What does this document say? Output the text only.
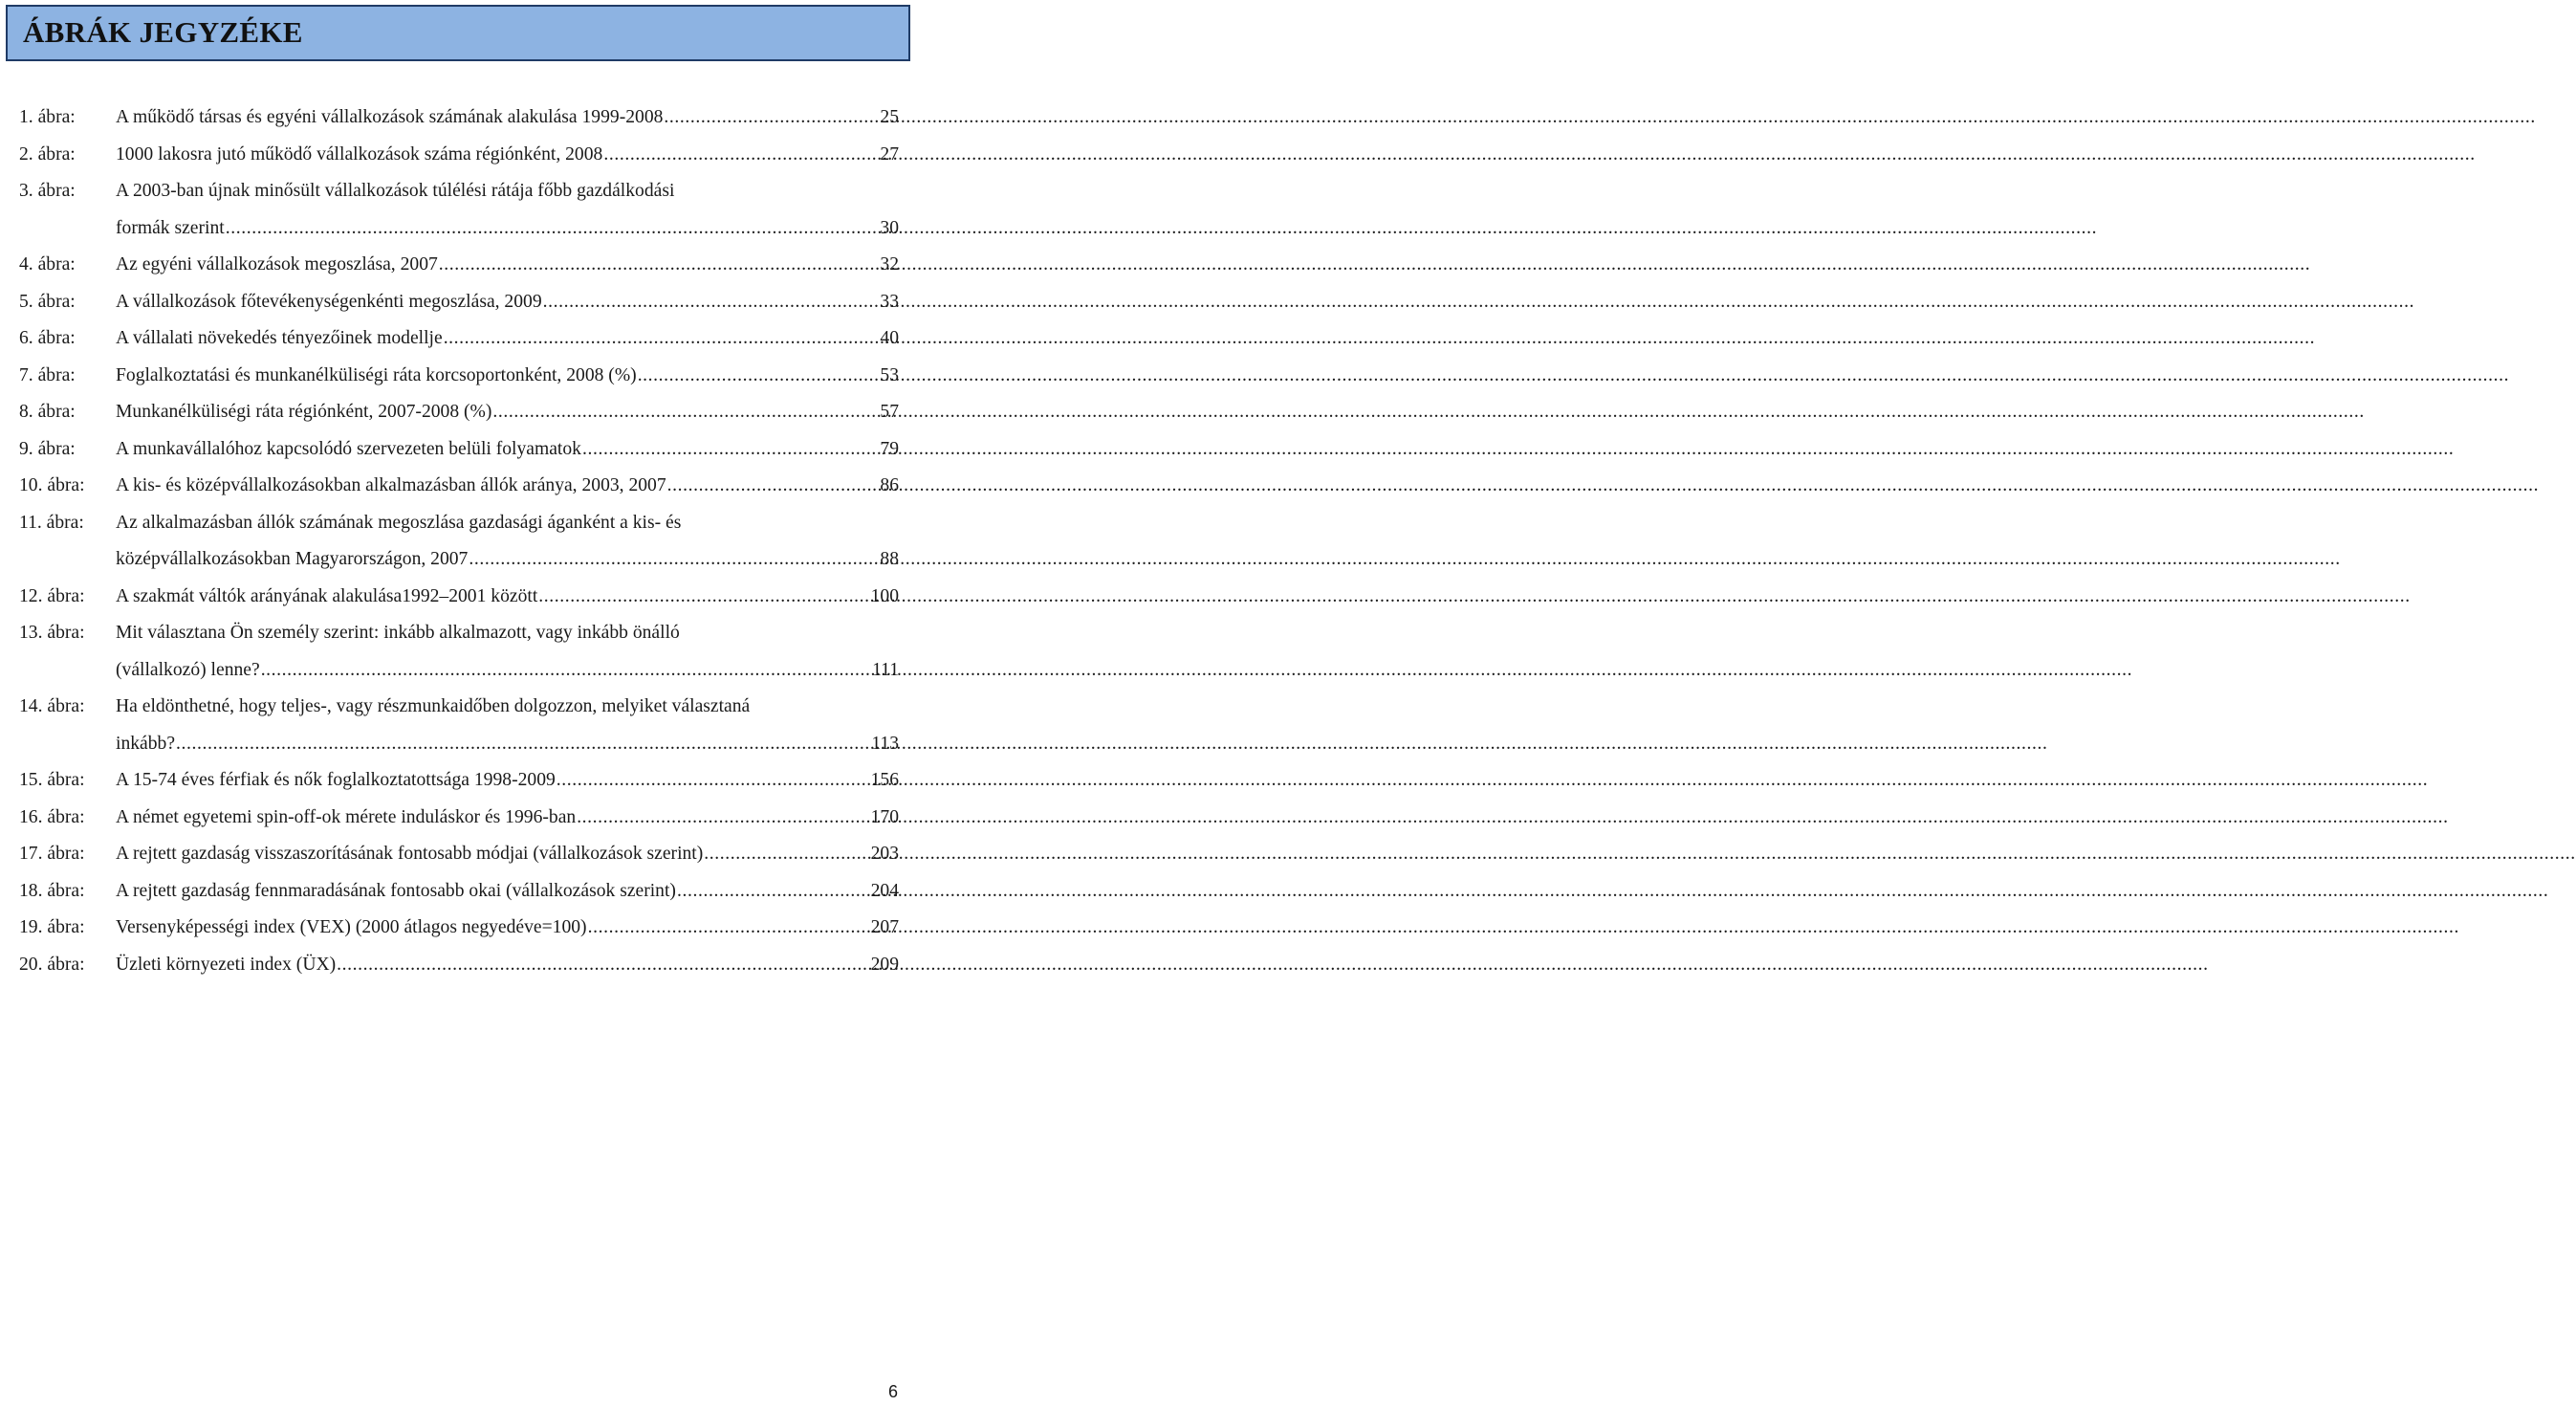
ÁBRÁK JEGYZÉKE
1. ábra:	A működő társas és egyéni vállalkozások számának alakulása 1999-2008 .....	25
2. ábra:	1000 lakosra jutó működő vállalkozások száma régiónként, 2008 .....	27
3. ábra:	A 2003-ban újnak minősült vállalkozások túlélési rátája főbb gazdálkodási
formák szerint .....	30
4. ábra:	Az egyéni vállalkozások megoszlása, 2007 .....	32
5. ábra:	A vállalkozások főtevékenységenkénti megoszlása, 2009 .....	33
6. ábra:	A vállalati növekedés tényezőinek modellje .....	40
7. ábra:	Foglalkoztatási és munkanélküliségi ráta korcsoportonként, 2008 (%) .....	53
8. ábra:	Munkanélküliségi ráta régiónként, 2007-2008 (%) .....	57
9. ábra:	A munkavállalóhoz kapcsolódó szervezeten belüli folyamatok .....	79
10. ábra:	A kis- és középvállalkozásokban alkalmazásban állók aránya, 2003, 2007 .....	86
11. ábra:	Az alkalmazásban állók számának megoszlása gazdasági áganként a kis- és
középvállalkozásokban Magyarországon, 2007 .....	88
12. ábra:	A szakmát váltók arányának alakulása1992–2001 között .....	100
13. ábra:	Mit választana Ön személy szerint: inkább alkalmazott, vagy inkább önálló
(vállalkozó) lenne? .....	111
14. ábra:	Ha eldönthetné, hogy teljes-, vagy részmunkaidőben dolgozzon, melyiket választaná
inkább? .....	113
15. ábra:	A 15-74 éves férfiak és nők foglalkoztatottsága 1998-2009 .....	156
16. ábra:	A német egyetemi spin-off-ok mérete induláskor és 1996-ban .....	170
17. ábra:	A rejtett gazdaság visszaszorításának fontosabb módjai (vállalkozások szerint) .....	203
18. ábra:	A rejtett gazdaság fennmaradásának fontosabb okai (vállalkozások szerint) .....	204
19. ábra:	Versenyképességi index (VEX) (2000 átlagos negyedéve=100) .....	207
20. ábra:	Üzleti környezeti index (ÜX) .....	209
6
